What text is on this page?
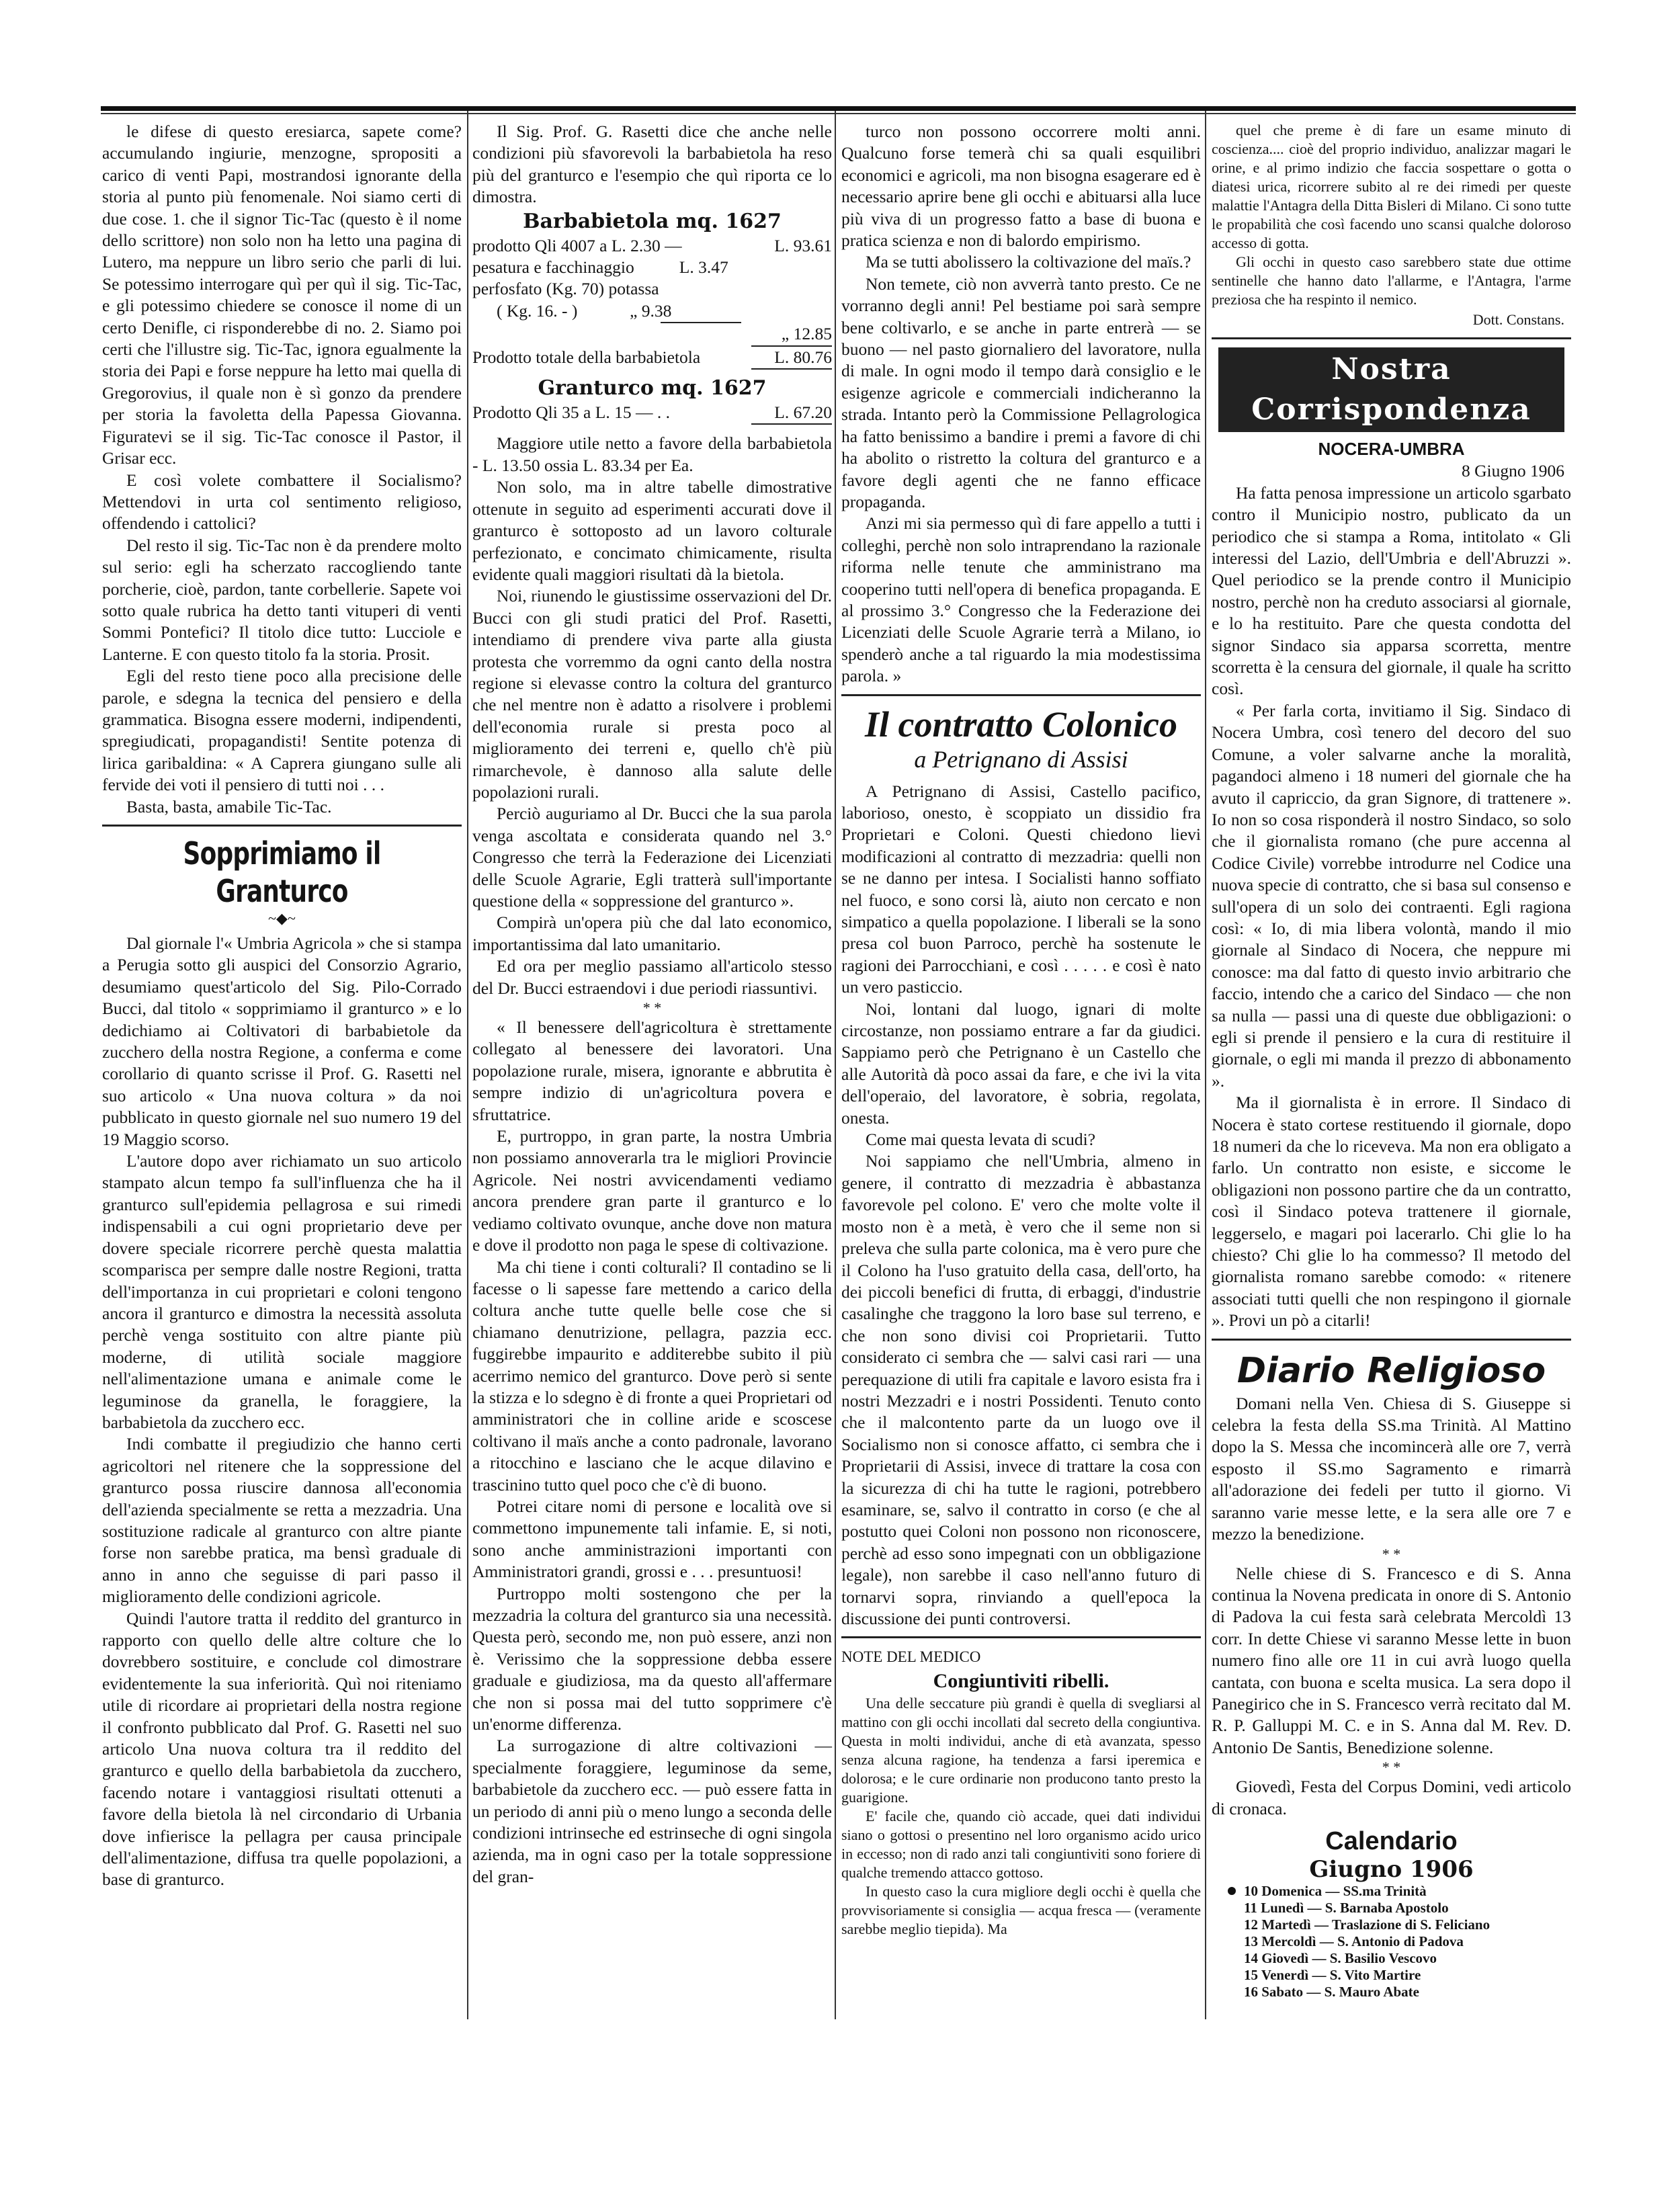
le difese di questo eresiarca, sapete come? accumulando ingiurie, menzogne, spropositi a carico di venti Papi, mostrandosi ignorante della storia al punto più fenomenale. Noi siamo certi di due cose. 1. che il signor Tic-Tac (questo è il nome dello scrittore) non solo non ha letto una pagina di Lutero, ma neppure un libro serio che parli di lui. Se potessimo interrogare quì per quì il sig. Tic-Tac, e gli potessimo chiedere se conosce il nome di un certo Denifle, ci risponderebbe di no. 2. Siamo poi certi che l'illustre sig. Tic-Tac, ignora egualmente la storia dei Papi e forse neppure ha letto mai quella di Gregorovius, il quale non è sì gonzo da prendere per storia la favoletta della Papessa Giovanna. Figuratevi se il sig. Tic-Tac conosce il Pastor, il Grisar ecc.

E così volete combattere il Socialismo? Mettendovi in urta col sentimento religioso, offendendo i cattolici?

Del resto il sig. Tic-Tac non è da prendere molto sul serio: egli ha scherzato raccogliendo tante porcherie, cioè, pardon, tante corbellerie. Sapete voi sotto quale rubrica ha detto tanti vituperi di venti Sommi Pontefici? Il titolo dice tutto: Lucciole e Lanterne. E con questo titolo fa la storia. Prosit.

Egli del resto tiene poco alla precisione delle parole, e sdegna la tecnica del pensiero e della grammatica. Bisogna essere moderni, indipendenti, spregiudicati, propagandisti! Sentite potenza di lirica garibaldina: « A Caprera giungano sulle ali fervide dei voti il pensiero di tutti noi . . .

Basta, basta, amabile Tic-Tac.

Sopprimiamo il Granturco
~◆~

Dal giornale l'« Umbria Agricola » che si stampa a Perugia sotto gli auspici del Consorzio Agrario, desumiamo quest'articolo del Sig. Pilo-Corrado Bucci, dal titolo « sopprimiamo il granturco » e lo dedichiamo ai Coltivatori di barbabietole da zucchero della nostra Regione, a conferma e come corollario di quanto scrisse il Prof. G. Rasetti nel suo articolo « Una nuova coltura » da noi pubblicato in questo giornale nel suo numero 19 del 19 Maggio scorso.

L'autore dopo aver richiamato un suo articolo stampato alcun tempo fa sull'influenza che ha il granturco sull'epidemia pellagrosa e sui rimedi indispensabili a cui ogni proprietario deve per dovere speciale ricorrere perchè questa malattia scomparisca per sempre dalle nostre Regioni, tratta dell'importanza in cui proprietari e coloni tengono ancora il granturco e dimostra la necessità assoluta perchè venga sostituito con altre piante più moderne, di utilità sociale maggiore nell'alimentazione umana e animale come le leguminose da granella, le foraggiere, la barbabietola da zucchero ecc.

Indi combatte il pregiudizio che hanno certi agricoltori nel ritenere che la soppressione del granturco possa riuscire dannosa all'economia dell'azienda specialmente se retta a mezzadria. Una sostituzione radicale al granturco con altre piante forse non sarebbe pratica, ma bensì graduale di anno in anno che seguisse di pari passo il miglioramento delle condizioni agricole.

Quindi l'autore tratta il reddito del granturco in rapporto con quello delle altre colture che lo dovrebbero sostituire, e conclude col dimostrare evidentemente la sua inferiorità. Quì noi riteniamo utile di ricordare ai proprietari della nostra regione il confronto pubblicato dal Prof. G. Rasetti nel suo articolo Una nuova coltura tra il reddito del granturco e quello della barbabietola da zucchero, facendo notare i vantaggiosi risultati ottenuti a favore della bietola là nel circondario di Urbania dove infierisce la pellagra per causa principale dell'alimentazione, diffusa tra quelle popolazioni, a base di granturco.

Il Sig. Prof. G. Rasetti dice che anche nelle condizioni più sfavorevoli la barbabietola ha reso più del granturco e l'esempio che quì riporta ce lo dimostra.

Barbabietola mq. 1627
prodotto Qli 4007 a L. 2.30 —	L. 93.61
pesatura e facchinaggio	L. 3.47
perfosfato (Kg. 70) potassa
( Kg. 16. - )	„ 9.38
„ 12.85
Prodotto totale della barbabietola	L. 80.76
Granturco mq. 1627
Prodotto Qli 35 a L. 15 — . .	L. 67.20

Maggiore utile netto a favore della barbabietola - L. 13.50 ossia L. 83.34 per Ea.

Non solo, ma in altre tabelle dimostrative ottenute in seguito ad esperimenti accurati dove il granturco è sottoposto ad un lavoro colturale perfezionato, e concimato chimicamente, risulta evidente quali maggiori risultati dà la bietola.

Noi, riunendo le giustissime osservazioni del Dr. Bucci con gli studi pratici del Prof. Rasetti, intendiamo di prendere viva parte alla giusta protesta che vorremmo da ogni canto della nostra regione si elevasse contro la coltura del granturco che nel mentre non è adatto a risolvere i problemi dell'economia rurale si presta poco al miglioramento dei terreni e, quello ch'è più rimarchevole, è dannoso alla salute delle popolazioni rurali.

Perciò auguriamo al Dr. Bucci che la sua parola venga ascoltata e considerata quando nel 3.° Congresso che terrà la Federazione dei Licenziati delle Scuole Agrarie, Egli tratterà sull'importante questione della « soppressione del granturco ».

Compirà un'opera più che dal lato economico, importantissima dal lato umanitario.

Ed ora per meglio passiamo all'articolo stesso del Dr. Bucci estraendovi i due periodi riassuntivi.

* *

« Il benessere dell'agricoltura è strettamente collegato al benessere dei lavoratori. Una popolazione rurale, misera, ignorante e abbrutita è sempre indizio di un'agricoltura povera e sfruttatrice.

E, purtroppo, in gran parte, la nostra Umbria non possiamo annoverarla tra le migliori Provincie Agricole. Nei nostri avvicendamenti vediamo ancora prendere gran parte il granturco e lo vediamo coltivato ovunque, anche dove non matura e dove il prodotto non paga le spese di coltivazione.

Ma chi tiene i conti colturali? Il contadino se li facesse o li sapesse fare mettendo a carico della coltura anche tutte quelle belle cose che si chiamano denutrizione, pellagra, pazzia ecc. fuggirebbe impaurito e additerebbe subito il più acerrimo nemico del granturco. Dove però si sente la stizza e lo sdegno è di fronte a quei Proprietari od amministratori che in colline aride e scoscese coltivano il maïs anche a conto padronale, lavorano a ritocchino e lasciano che le acque dilavino e trascinino tutto quel poco che c'è di buono.

Potrei citare nomi di persone e località ove si commettono impunemente tali infamie. E, si noti, sono anche amministrazioni importanti con Amministratori grandi, grossi e . . . presuntuosi!

Purtroppo molti sostengono che per la mezzadria la coltura del granturco sia una necessità. Questa però, secondo me, non può essere, anzi non è. Verissimo che la soppressione debba essere graduale e giudiziosa, ma da questo all'affermare che non si possa mai del tutto sopprimere c'è un'enorme differenza.

La surrogazione di altre coltivazioni — specialmente foraggiere, leguminose da seme, barbabietole da zucchero ecc. — può essere fatta in un periodo di anni più o meno lungo a seconda delle condizioni intrinseche ed estrinseche di ogni singola azienda, ma in ogni caso per la totale soppressione del gran-

turco non possono occorrere molti anni. Qualcuno forse temerà chi sa quali esquilibri economici e agricoli, ma non bisogna esagerare ed è necessario aprire bene gli occhi e abituarsi alla luce più viva di un progresso fatto a base di buona e pratica scienza e non di balordo empirismo.

Ma se tutti abolissero la coltivazione del maïs.?

Non temete, ciò non avverrà tanto presto. Ce ne vorranno degli anni! Pel bestiame poi sarà sempre bene coltivarlo, e se anche in parte entrerà — se buono — nel pasto giornaliero del lavoratore, nulla di male. In ogni modo il tempo darà consiglio e le esigenze agricole e commerciali indicheranno la strada. Intanto però la Commissione Pellagrologica ha fatto benissimo a bandire i premi a favore di chi ha abolito o ristretto la coltura del granturco e a favore degli agenti che ne fanno efficace propaganda.

Anzi mi sia permesso quì di fare appello a tutti i colleghi, perchè non solo intraprendano la razionale riforma nelle tenute che amministrano ma cooperino tutti nell'opera di benefica propaganda. E al prossimo 3.° Congresso che la Federazione dei Licenziati delle Scuole Agrarie terrà a Milano, io spenderò anche a tal riguardo la mia modestissima parola. »

Il contratto Colonico
a Petrignano di Assisi

A Petrignano di Assisi, Castello pacifico, laborioso, onesto, è scoppiato un dissidio fra Proprietari e Coloni. Questi chiedono lievi modificazioni al contratto di mezzadria: quelli non se ne danno per intesa. I Socialisti hanno soffiato nel fuoco, e sono corsi là, aiuto non cercato e non simpatico a quella popolazione. I liberali se la sono presa col buon Parroco, perchè ha sostenute le ragioni dei Parrocchiani, e così . . . . . e così è nato un vero pasticcio.

Noi, lontani dal luogo, ignari di molte circostanze, non possiamo entrare a far da giudici. Sappiamo però che Petrignano è un Castello che alle Autorità dà poco assai da fare, e che ivi la vita dell'operaio, del lavoratore, è sobria, regolata, onesta.

Come mai questa levata di scudi?

Noi sappiamo che nell'Umbria, almeno in genere, il contratto di mezzadria è abbastanza favorevole pel colono. E' vero che molte volte il mosto non è a metà, è vero che il seme non si preleva che sulla parte colonica, ma è vero pure che il Colono ha l'uso gratuito della casa, dell'orto, ha dei piccoli benefici di frutta, di erbaggi, d'industrie casalinghe che traggono la loro base sul terreno, e che non sono divisi coi Proprietarii. Tutto considerato ci sembra che — salvi casi rari — una perequazione di utili fra capitale e lavoro esista fra i nostri Mezzadri e i nostri Possidenti. Tenuto conto che il malcontento parte da un luogo ove il Socialismo non si conosce affatto, ci sembra che i Proprietarii di Assisi, invece di trattare la cosa con la sicurezza di chi ha tutte le ragioni, potrebbero esaminare, se, salvo il contratto in corso (e che al postutto quei Coloni non possono non riconoscere, perchè ad esso sono impegnati con un obbligazione legale), non sarebbe il caso nell'anno futuro di tornarvi sopra, rinviando a quell'epoca la discussione dei punti controversi.

NOTE DEL MEDICO
Congiuntiviti ribelli.

Una delle seccature più grandi è quella di svegliarsi al mattino con gli occhi incollati dal secreto della congiuntiva. Questa in molti individui, anche di età avanzata, spesso senza alcuna ragione, ha tendenza a farsi iperemica e dolorosa; e le cure ordinarie non producono tanto presto la guarigione.

E' facile che, quando ciò accade, quei dati individui siano o gottosi o presentino nel loro organismo acido urico in eccesso; non di rado anzi tali congiuntiviti sono foriere di qualche tremendo attacco gottoso.

In questo caso la cura migliore degli occhi è quella che provvisoriamente si consiglia — acqua fresca — (veramente sarebbe meglio tiepida). Ma

quel che preme è di fare un esame minuto di coscienza.... cioè del proprio individuo, analizzar magari le orine, e al primo indizio che faccia sospettare o gotta o diatesi urica, ricorrere subito al re dei rimedi per queste malattie l'Antagra della Ditta Bisleri di Milano. Ci sono tutte le propabilità che così facendo uno scansi qualche doloroso accesso di gotta.

Gli occhi in questo caso sarebbero state due ottime sentinelle che hanno dato l'allarme, e l'Antagra, l'arme preziosa che ha respinto il nemico.

Dott. Constans.
Nostra Corrispondenza
NOCERA-UMBRA
8 Giugno 1906

Ha fatta penosa impressione un articolo sgarbato contro il Municipio nostro, publicato da un periodico che si stampa a Roma, intitolato « Gli interessi del Lazio, dell'Umbria e dell'Abruzzi ». Quel periodico se la prende contro il Municipio nostro, perchè non ha creduto associarsi al giornale, e lo ha restituito. Pare che questa condotta del signor Sindaco sia apparsa scorretta, mentre scorretta è la censura del giornale, il quale ha scritto così.

« Per farla corta, invitiamo il Sig. Sindaco di Nocera Umbra, così tenero del decoro del suo Comune, a voler salvarne anche la moralità, pagandoci almeno i 18 numeri del giornale che ha avuto il capriccio, da gran Signore, di trattenere ». Io non so cosa risponderà il nostro Sindaco, so solo che il giornalista romano (che pure accenna al Codice Civile) vorrebbe introdurre nel Codice una nuova specie di contratto, che si basa sul consenso e sull'opera di un solo dei contraenti. Egli ragiona così: « Io, di mia libera volontà, mando il mio giornale al Sindaco di Nocera, che neppure mi conosce: ma dal fatto di questo invio arbitrario che faccio, intendo che a carico del Sindaco — che non sa nulla — passi una di queste due obbligazioni: o egli si prende il pensiero e la cura di restituire il giornale, o egli mi manda il prezzo di abbonamento ».

Ma il giornalista è in errore. Il Sindaco di Nocera è stato cortese restituendo il giornale, dopo 18 numeri da che lo riceveva. Ma non era obligato a farlo. Un contratto non esiste, e siccome le obligazioni non possono partire che da un contratto, così il Sindaco poteva trattenere il giornale, leggerselo, e magari poi lacerarlo. Chi glie lo ha chiesto? Chi glie lo ha commesso? Il metodo del giornalista romano sarebbe comodo: « ritenere associati tutti quelli che non respingono il giornale ». Provi un pò a citarli!

Diario Religioso

Domani nella Ven. Chiesa di S. Giuseppe si celebra la festa della SS.ma Trinità. Al Mattino dopo la S. Messa che incomincerà alle ore 7, verrà esposto il SS.mo Sagramento e rimarrà all'adorazione dei fedeli per tutto il giorno. Vi saranno varie messe lette, e la sera alle ore 7 e mezzo la benedizione.

* *

Nelle chiese di S. Francesco e di S. Anna continua la Novena predicata in onore di S. Antonio di Padova la cui festa sarà celebrata Mercoldì 13 corr. In dette Chiese vi saranno Messe lette in buon numero fino alle ore 11 in cui avrà luogo quella cantata, con buona e scelta musica. La sera dopo il Panegirico che in S. Francesco verrà recitato dal M. R. P. Galluppi M. C. e in S. Anna dal M. Rev. D. Antonio De Santis, Benedizione solenne.

* *

Giovedì, Festa del Corpus Domini, vedi articolo di cronaca.

Calendario
Giugno 1906
10 Domenica — SS.ma Trinità
11 Lunedì — S. Barnaba Apostolo
12 Martedì — Traslazione di S. Feliciano
13 Mercoldì — S. Antonio di Padova
14 Giovedì — S. Basilio Vescovo
15 Venerdì — S. Vito Martire
16 Sabato — S. Mauro Abate
